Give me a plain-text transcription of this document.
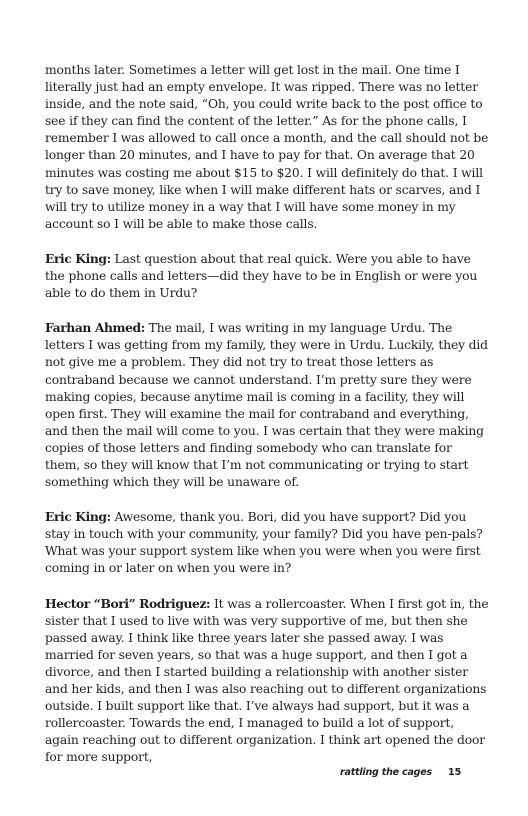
months later. Sometimes a letter will get lost in the mail. One time I literally just had an empty envelope. It was ripped. There was no letter inside, and the note said, “Oh, you could write back to the post office to see if they can find the content of the letter.” As for the phone calls, I remember I was allowed to call once a month, and the call should not be longer than 20 minutes, and I have to pay for that. On average that 20 minutes was costing me about $15 to $20. I will definitely do that. I will try to save money, like when I will make different hats or scarves, and I will try to utilize money in a way that I will have some money in my account so I will be able to make those calls.

Eric King: Last question about that real quick. Were you able to have the phone calls and letters—did they have to be in English or were you able to do them in Urdu?

Farhan Ahmed: The mail, I was writing in my language Urdu. The letters I was getting from my family, they were in Urdu. Luckily, they did not give me a problem. They did not try to treat those letters as contraband because we cannot understand. I’m pretty sure they were making copies, because anytime mail is coming in a facility, they will open first. They will examine the mail for contraband and everything, and then the mail will come to you. I was certain that they were making copies of those letters and finding somebody who can translate for them, so they will know that I’m not communicating or trying to start something which they will be unaware of.

Eric King: Awesome, thank you. Bori, did you have support? Did you stay in touch with your community, your family? Did you have pen-pals? What was your support system like when you were when you were first coming in or later on when you were in?

Hector “Bori” Rodriguez: It was a rollercoaster. When I first got in, the sister that I used to live with was very supportive of me, but then she passed away. I think like three years later she passed away. I was married for seven years, so that was a huge support, and then I got a divorce, and then I started building a relationship with another sister and her kids, and then I was also reaching out to different organizations outside. I built support like that. I’ve always had support, but it was a rollercoaster. Towards the end, I managed to build a lot of support, again reaching out to different organization. I think art opened the door for more support,

rattling the cages 15
